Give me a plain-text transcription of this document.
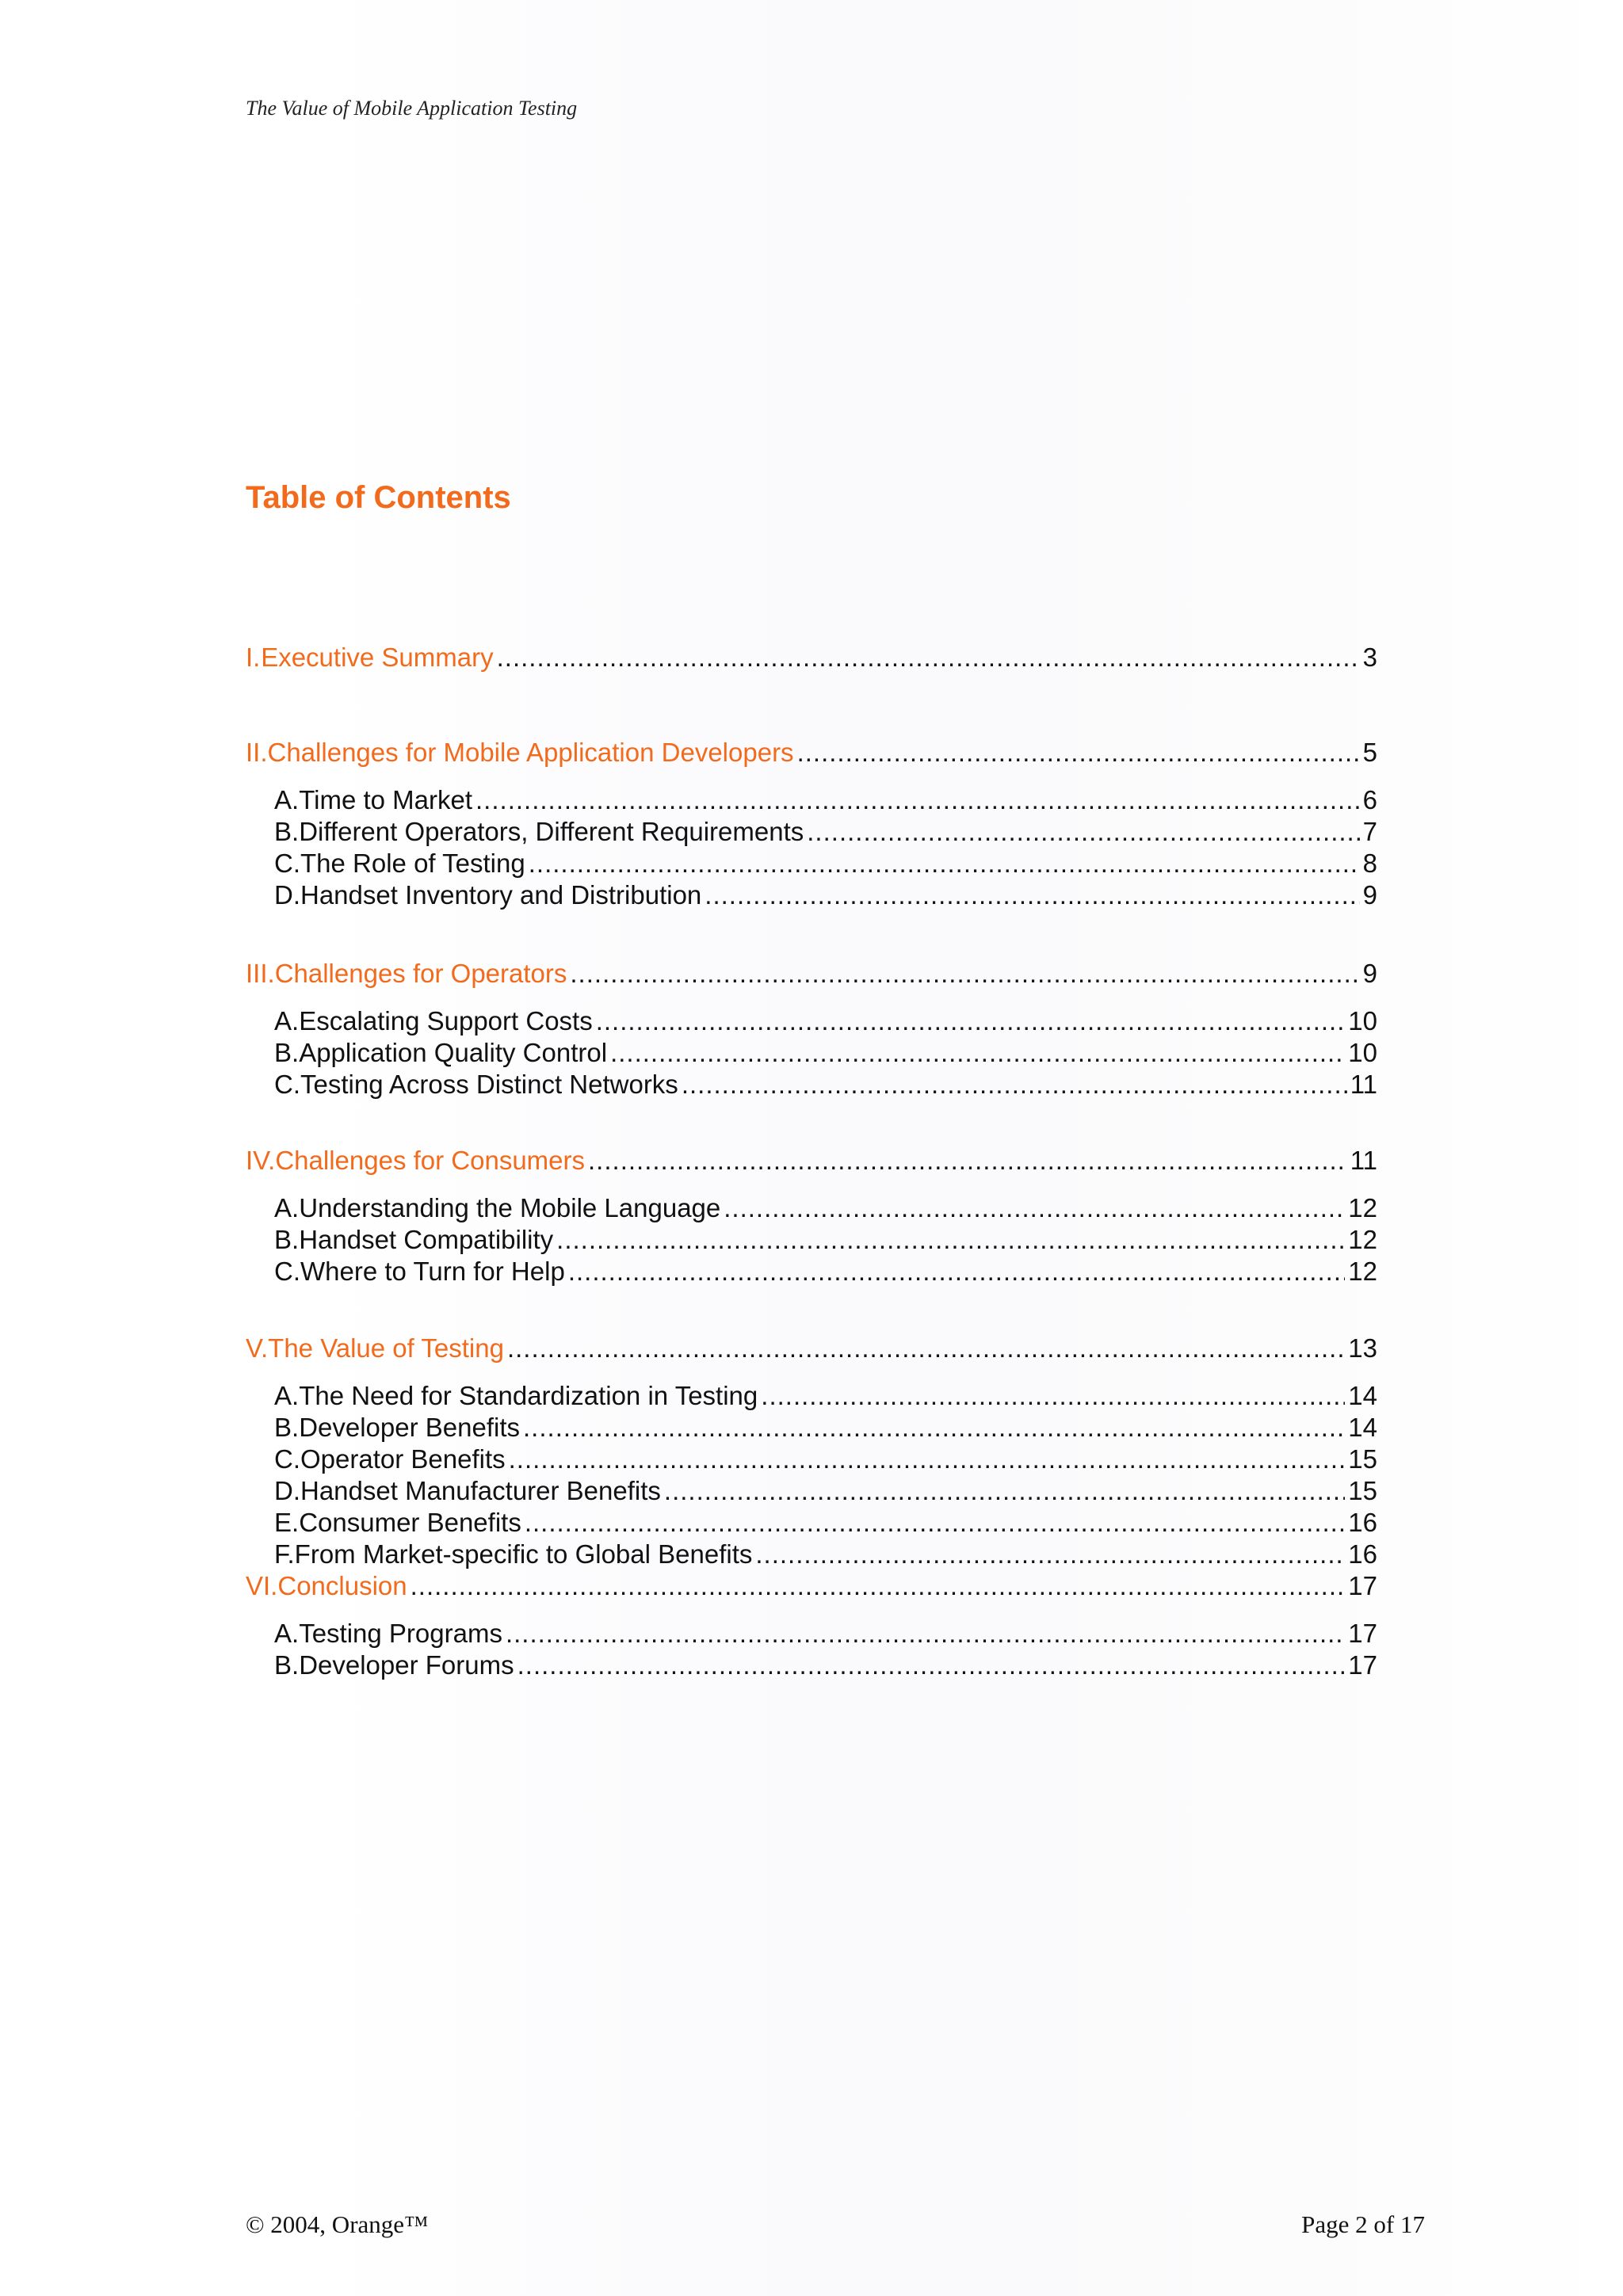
The Value of Mobile Application Testing
Table of Contents
I. Executive Summary .....	3
II. Challenges for Mobile Application Developers .....	5
A. Time to Market .....	6
B. Different Operators, Different Requirements .....	7
C. The Role of Testing .....	8
D. Handset Inventory and Distribution .....	9
III. Challenges for Operators .....	9
A. Escalating Support Costs .....	10
B. Application Quality Control .....	10
C. Testing Across Distinct Networks .....	11
IV. Challenges for Consumers .....	11
A. Understanding the Mobile Language .....	12
B. Handset Compatibility .....	12
C. Where to Turn for Help .....	12
V. The Value of Testing .....	13
A. The Need for Standardization in Testing .....	14
B. Developer Benefits .....	14
C. Operator Benefits .....	15
D. Handset Manufacturer Benefits .....	15
E. Consumer Benefits .....	16
F. From Market-specific to Global Benefits .....	16
VI. Conclusion .....	17
A. Testing Programs .....	17
B. Developer Forums .....	17
© 2004, Orange™	Page 2 of 17
